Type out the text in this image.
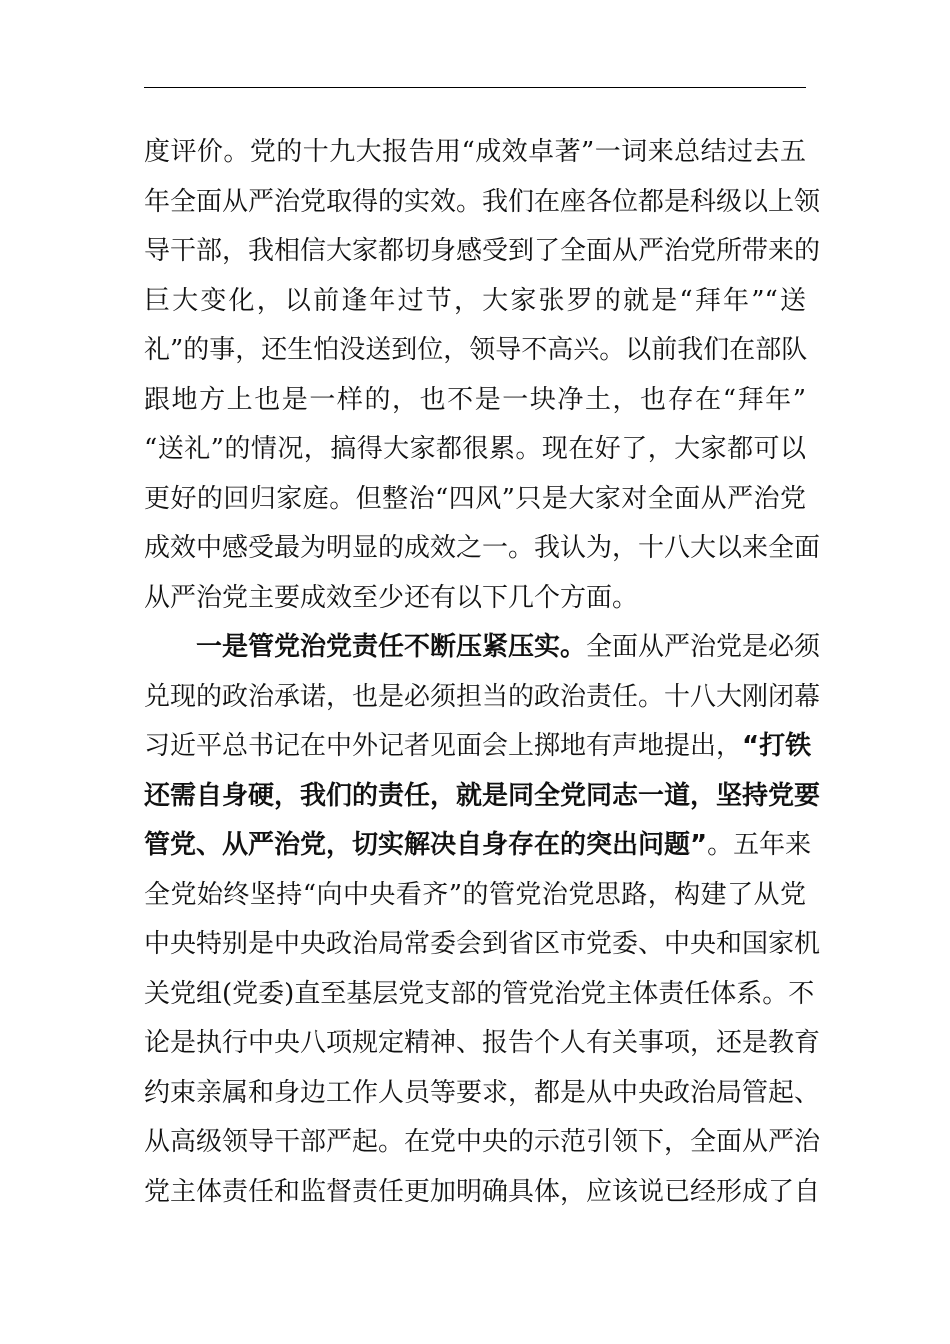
度评价。党的十九大报告用“成效卓著”一词来总结过去五
年全面从严治党取得的实效。我们在座各位都是科级以上领
导干部，我相信大家都切身感受到了全面从严治党所带来的
巨大变化，以前逢年过节，大家张罗的就是“拜年”“送
礼”的事，还生怕没送到位，领导不高兴。以前我们在部队
跟地方上也是一样的，也不是一块净土，也存在“拜年”
“送礼”的情况，搞得大家都很累。现在好了，大家都可以
更好的回归家庭。但整治“四风”只是大家对全面从严治党
成效中感受最为明显的成效之一。我认为，十八大以来全面
从严治党主要成效至少还有以下几个方面。
一是管党治党责任不断压紧压实。全面从严治党是必须
兑现的政治承诺，也是必须担当的政治责任。十八大刚闭幕
习近平总书记在中外记者见面会上掷地有声地提出，“打铁
还需自身硬，我们的责任，就是同全党同志一道，坚持党要
管党、从严治党，切实解决自身存在的突出问题”。五年来
全党始终坚持“向中央看齐”的管党治党思路，构建了从党
中央特别是中央政治局常委会到省区市党委、中央和国家机
关党组(党委)直至基层党支部的管党治党主体责任体系。不
论是执行中央八项规定精神、报告个人有关事项，还是教育
约束亲属和身边工作人员等要求，都是从中央政治局管起、
从高级领导干部严起。在党中央的示范引领下，全面从严治
党主体责任和监督责任更加明确具体，应该说已经形成了自
